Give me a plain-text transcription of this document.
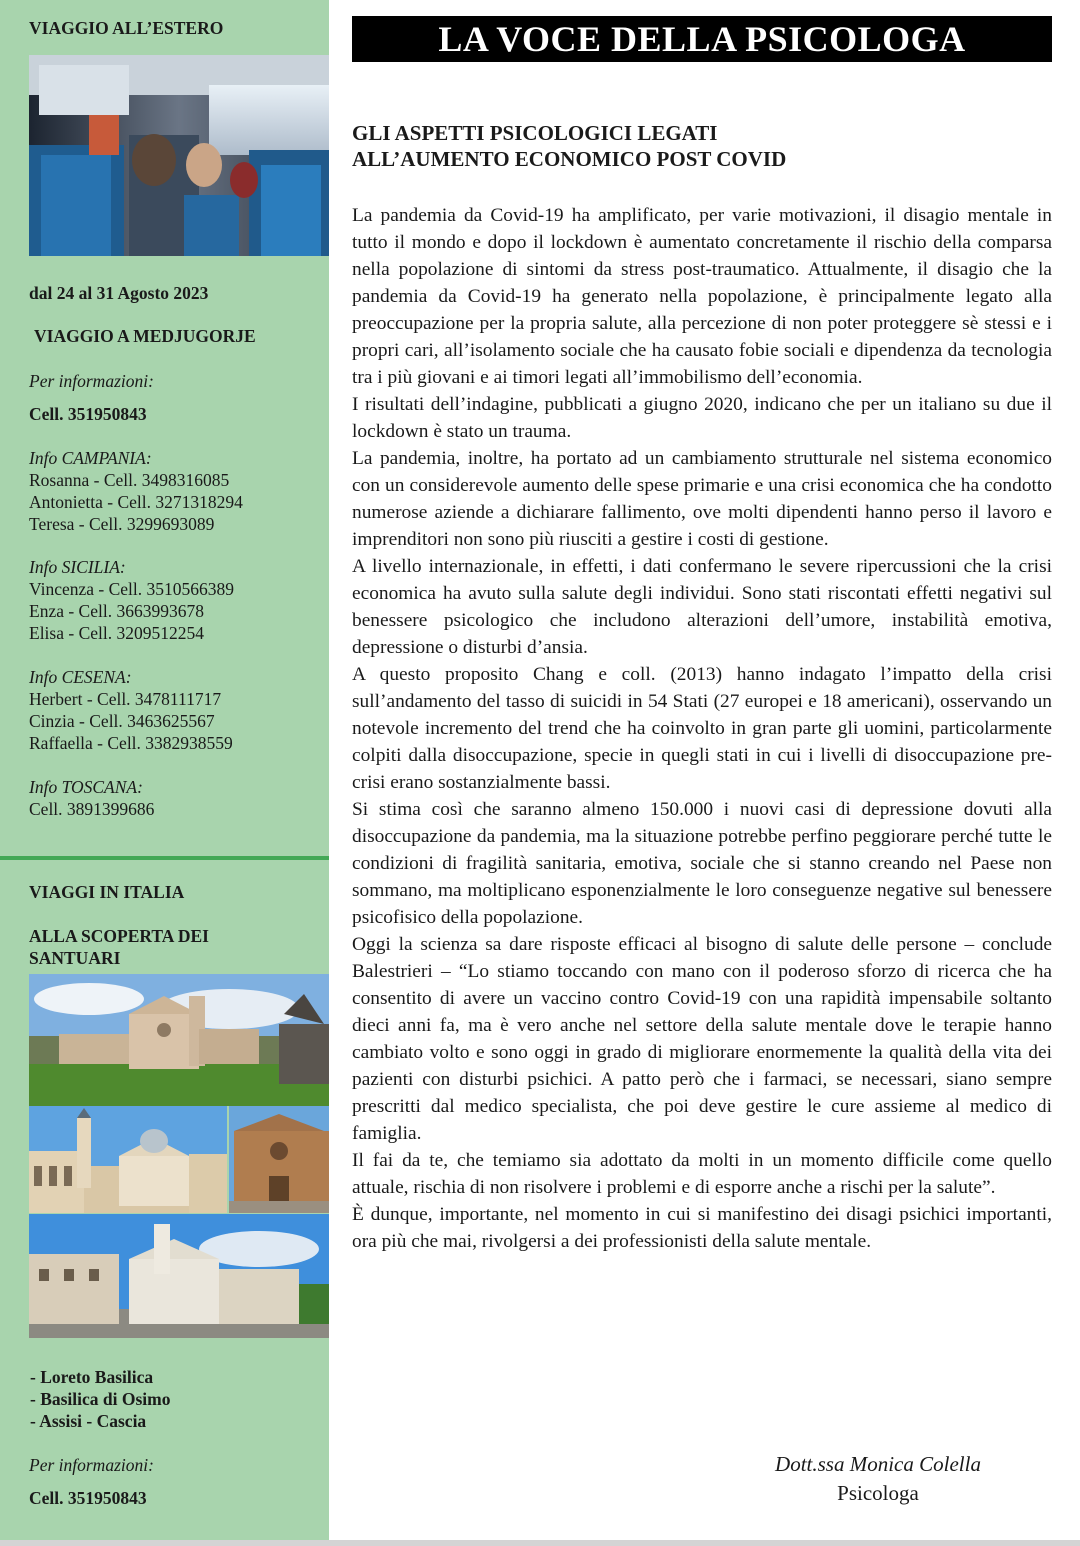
VIAGGIO ALL’ESTERO
dal 24 al 31 Agosto 2023
VIAGGIO A MEDJUGORJE
Per informazioni:
Cell. 351950843
Info CAMPANIA:
Rosanna - Cell. 3498316085
Antonietta - Cell. 3271318294
Teresa - Cell. 3299693089
Info SICILIA:
Vincenza - Cell. 3510566389
Enza - Cell. 3663993678
Elisa - Cell. 3209512254
Info CESENA:
Herbert - Cell. 3478111717
Cinzia - Cell. 3463625567
Raffaella - Cell. 3382938559
Info TOSCANA:
Cell. 3891399686
VIAGGI IN ITALIA
ALLA SCOPERTA DEI
SANTUARI
- Loreto Basilica
- Basilica di Osimo
- Assisi - Cascia
Per informazioni:
Cell. 351950843
LA VOCE DELLA PSICOLOGA
GLI ASPETTI PSICOLOGICI LEGATI
ALL’AUMENTO ECONOMICO POST COVID

La pandemia da Covid-19 ha amplificato, per varie motivazioni, il disagio mentale in tutto il mondo e dopo il lockdown è aumentato concretamente il rischio della comparsa nella popolazione di sintomi da stress post-traumatico. Attualmente, il disagio che la pandemia da Covid-19 ha generato nella popolazione, è principalmente legato alla preoccupazione per la propria salute, alla percezione di non poter proteggere sè stessi e i propri cari, all’isolamento sociale che ha causato fobie sociali e dipendenza da tecnologia tra i più giovani e ai timori legati all’immobilismo dell’economia.

I risultati dell’indagine, pubblicati a giugno 2020, indicano che per un italiano su due il lockdown è stato un trauma.

La pandemia, inoltre, ha portato ad un cambiamento strutturale nel sistema economico con un considerevole aumento delle spese primarie e una crisi economica che ha condotto numerose aziende a dichiarare fallimento, ove molti dipendenti hanno perso il lavoro e imprenditori non sono più riusciti a gestire i costi di gestione.

A livello internazionale, in effetti, i dati confermano le severe ripercussioni che la crisi economica ha avuto sulla salute degli individui. Sono stati riscontati effetti negativi sul benessere psicologico che includono alterazioni dell’umore, instabilità emotiva, depressione o disturbi d’ansia.

A questo proposito Chang e coll. (2013) hanno indagato l’impatto della crisi sull’andamento del tasso di suicidi in 54 Stati (27 europei e 18 americani), osservando un notevole incremento del trend che ha coinvolto in gran parte gli uomini, particolarmente colpiti dalla disoccupazione, specie in quegli stati in cui i livelli di disoccupazione pre-crisi erano sostanzialmente bassi.

Si stima così che saranno almeno 150.000 i nuovi casi di depressione dovuti alla disoccupazione da pandemia, ma la situazione potrebbe perfino peggiorare perché tutte le condizioni di fragilità sanitaria, emotiva, sociale che si stanno creando nel Paese non sommano, ma moltiplicano esponenzialmente le loro conseguenze negative sul benessere psicofisico della popolazione.

Oggi la scienza sa dare risposte efficaci al bisogno di salute delle persone – conclude Balestrieri – “Lo stiamo toccando con mano con il poderoso sforzo di ricerca che ha consentito di avere un vaccino contro Covid-19 con una rapidità impensabile soltanto dieci anni fa, ma è vero anche nel settore della salute mentale dove le terapie hanno cambiato volto e sono oggi in grado di migliorare enormemente la qualità della vita dei pazienti con disturbi psichici. A patto però che i farmaci, se necessari, siano sempre prescritti dal medico specialista, che poi deve gestire le cure assieme al medico di famiglia.

Il fai da te, che temiamo sia adottato da molti in un momento difficile come quello attuale, rischia di non risolvere i problemi e di esporre anche a rischi per la salute”.

È dunque, importante, nel momento in cui si manifestino dei disagi psichici importanti, ora più che mai, rivolgersi a dei professionisti della salute mentale.

Dott.ssa Monica Colella
Psicologa
